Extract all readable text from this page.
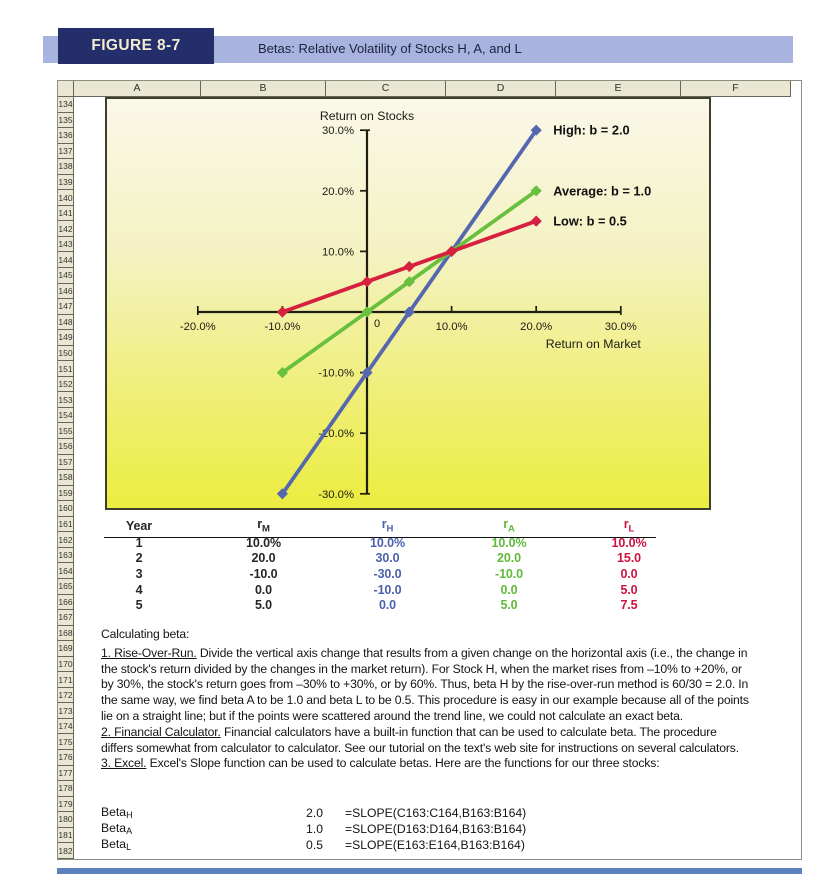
FIGURE 8-7	Betas: Relative Volatility of Stocks H, A, and L
A	B	C	D	E	F
134
135
136
137
138
139
140
141
142
143
144
145
146
147
148
149
150
151
152
153
154
155
156
157
158
159
160
161
162
163
164
165
166
167
168
169
170
171
172
173
174
175
176
177
178
179
180
181
182
-20.0%	-10.0%	10.0%	20.0%	30.0%
30.0%
20.0%
10.0%
-10.0%
-20.0%
-30.0%
0
Return on Stocks
Return on Market
High: b = 2.0
Average: b = 1.0
Low: b = 0.5
Year	$r_M$	$r_H$	$r_A$	$r_L$
1	10.0%	10.0%	10.0%	10.0%
2	20.0	30.0	20.0	15.0
3	-10.0	-30.0	-10.0	0.0
4	0.0	-10.0	0.0	5.0
5	5.0	0.0	5.0	7.5

Calculating beta:

1. Rise-Over-Run. Divide the vertical axis change that results from a given change on the horizontal axis (i.e., the change in the stock's return divided by the changes in the market return). For Stock H, when the market rises from –10% to +20%, or by 30%, the stock's return goes from –30% to +30%, or by 60%. Thus, beta H by the rise-over-run method is 60/30 = 2.0. In the same way, we find beta A to be 1.0 and beta L to be 0.5. This procedure is easy in our example because all of the points lie on a straight line; but if the points were scattered around the trend line, we could not calculate an exact beta.

2. Financial Calculator. Financial calculators have a built-in function that can be used to calculate beta. The procedure differs somewhat from calculator to calculator. See our tutorial on the text's web site for instructions on several calculators.

3. Excel. Excel's Slope function can be used to calculate betas. Here are the functions for our three stocks:

BetaH	2.0 =SLOPE(C163:C164,B163:B164)
BetaA	1.0 =SLOPE(D163:D164,B163:B164)
BetaL	0.5 =SLOPE(E163:E164,B163:B164)
